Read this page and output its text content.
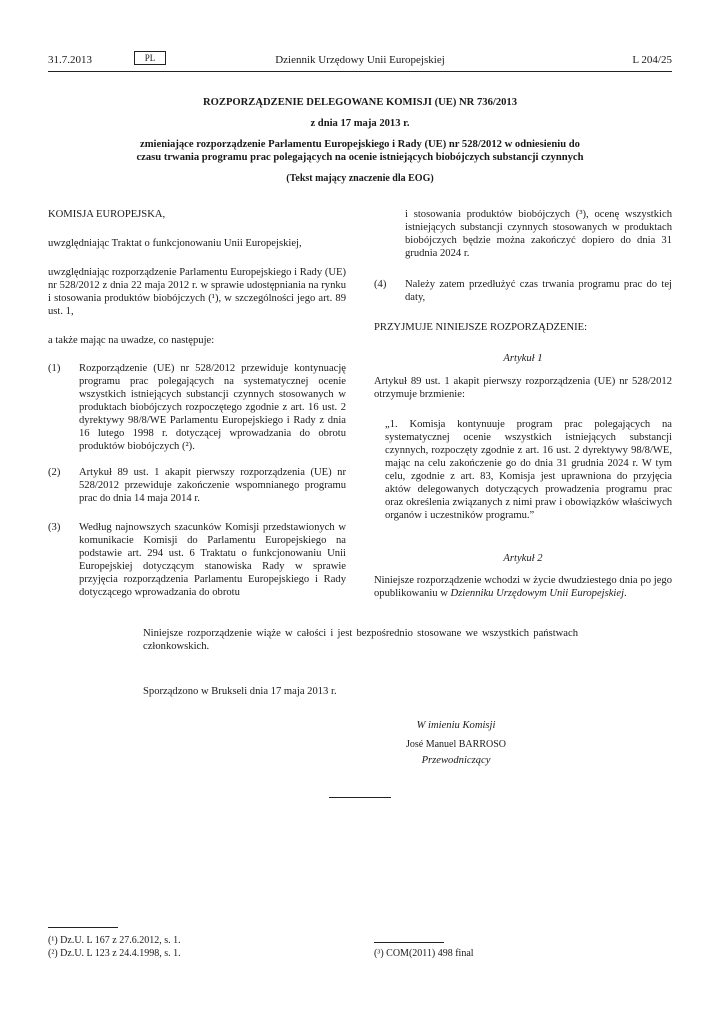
31.7.2013	PL	Dziennik Urzędowy Unii Europejskiej	L 204/25
ROZPORZĄDZENIE DELEGOWANE KOMISJI (UE) NR 736/2013
z dnia 17 maja 2013 r.
zmieniające rozporządzenie Parlamentu Europejskiego i Rady (UE) nr 528/2012 w odniesieniu do
czasu trwania programu prac polegających na ocenie istniejących biobójczych substancji czynnych
(Tekst mający znaczenie dla EOG)
KOMISJA EUROPEJSKA,
uwzględniając Traktat o funkcjonowaniu Unii Europejskiej,
uwzględniając rozporządzenie Parlamentu Europejskiego i Rady (UE) nr 528/2012 z dnia 22 maja 2012 r. w sprawie udostępniania na rynku i stosowania produktów biobójczych (¹), w szczególności jego art. 89 ust. 1,
a także mając na uwadze, co następuje:
(1)	Rozporządzenie (UE) nr 528/2012 przewiduje kontynuację programu prac polegających na systematycznej ocenie wszystkich istniejących substancji czynnych stosowanych w produktach biobójczych rozpoczętego zgodnie z art. 16 ust. 2 dyrektywy 98/8/WE Parlamentu Europejskiego i Rady z dnia 16 lutego 1998 r. dotyczącej wprowadzania do obrotu produktów biobójczych (²).
(2)	Artykuł 89 ust. 1 akapit pierwszy rozporządzenia (UE) nr 528/2012 przewiduje zakończenie wspomnianego programu prac do dnia 14 maja 2014 r.
(3)	Według najnowszych szacunków Komisji przedstawionych w komunikacie Komisji do Parlamentu Europejskiego na podstawie art. 294 ust. 6 Traktatu o funkcjonowaniu Unii Europejskiej dotyczącym stanowiska Rady w sprawie przyjęcia rozporządzenia Parlamentu Europejskiego i Rady dotyczącego wprowadzania do obrotu
i stosowania produktów biobójczych (³), ocenę wszystkich istniejących substancji czynnych stosowanych w produktach biobójczych będzie można zakończyć dopiero do dnia 31 grudnia 2024 r.
(4)	Należy zatem przedłużyć czas trwania programu prac do tej daty,
PRZYJMUJE NINIEJSZE ROZPORZĄDZENIE:
Artykuł 1
Artykuł 89 ust. 1 akapit pierwszy rozporządzenia (UE) nr 528/2012 otrzymuje brzmienie:
„1. Komisja kontynuuje program prac polegających na systematycznej ocenie wszystkich istniejących substancji czynnych, rozpoczęty zgodnie z art. 16 ust. 2 dyrektywy 98/8/WE, mając na celu zakończenie go do dnia 31 grudnia 2024 r. W tym celu, zgodnie z art. 83, Komisja jest uprawniona do przyjęcia aktów delegowanych dotyczących prowadzenia programu prac oraz określenia związanych z nimi praw i obowiązków właściwych organów i uczestników programu.”
Artykuł 2
Niniejsze rozporządzenie wchodzi w życie dwudziestego dnia po jego opublikowaniu w Dzienniku Urzędowym Unii Europejskiej.
Niniejsze rozporządzenie wiąże w całości i jest bezpośrednio stosowane we wszystkich państwach członkowskich.
Sporządzono w Brukseli dnia 17 maja 2013 r.
W imieniu Komisji
José Manuel BARROSO
Przewodniczący
(¹) Dz.U. L 167 z 27.6.2012, s. 1.
(²) Dz.U. L 123 z 24.4.1998, s. 1.	(³) COM(2011) 498 final
